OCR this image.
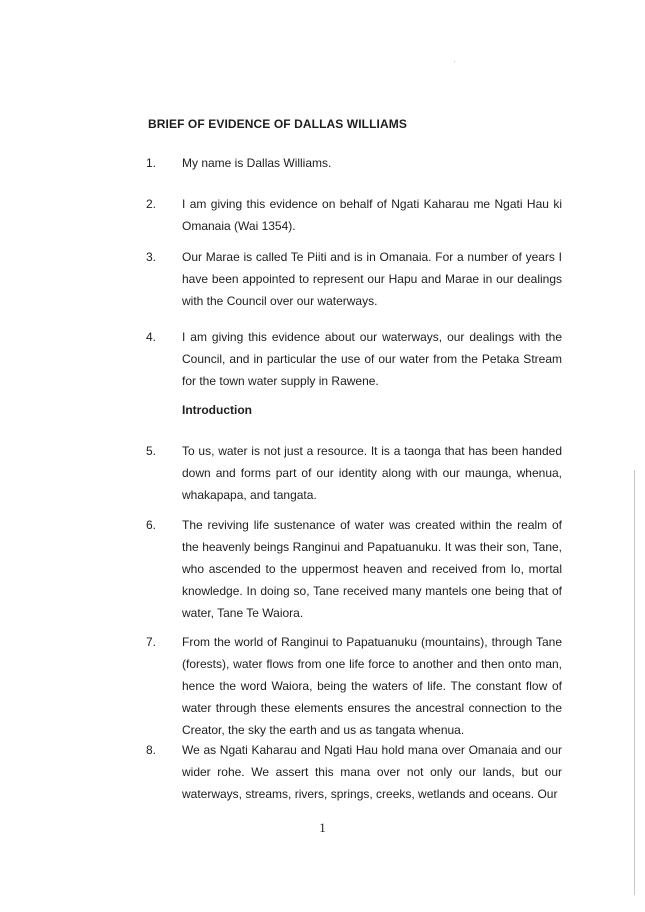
BRIEF OF EVIDENCE OF DALLAS WILLIAMS
1. My name is Dallas Williams.
2. I am giving this evidence on behalf of Ngati Kaharau me Ngati Hau ki Omanaia (Wai 1354).
3. Our Marae is called Te Piiti and is in Omanaia. For a number of years I have been appointed to represent our Hapu and Marae in our dealings with the Council over our waterways.
4. I am giving this evidence about our waterways, our dealings with the Council, and in particular the use of our water from the Petaka Stream for the town water supply in Rawene.
Introduction
5. To us, water is not just a resource. It is a taonga that has been handed down and forms part of our identity along with our maunga, whenua, whakapapa, and tangata.
6. The reviving life sustenance of water was created within the realm of the heavenly beings Ranginui and Papatuanuku. It was their son, Tane, who ascended to the uppermost heaven and received from Io, mortal knowledge. In doing so, Tane received many mantels one being that of water, Tane Te Waiora.
7. From the world of Ranginui to Papatuanuku (mountains), through Tane (forests), water flows from one life force to another and then onto man, hence the word Waiora, being the waters of life. The constant flow of water through these elements ensures the ancestral connection to the Creator, the sky the earth and us as tangata whenua.
8. We as Ngati Kaharau and Ngati Hau hold mana over Omanaia and our wider rohe. We assert this mana over not only our lands, but our waterways, streams, rivers, springs, creeks, wetlands and oceans. Our
1
